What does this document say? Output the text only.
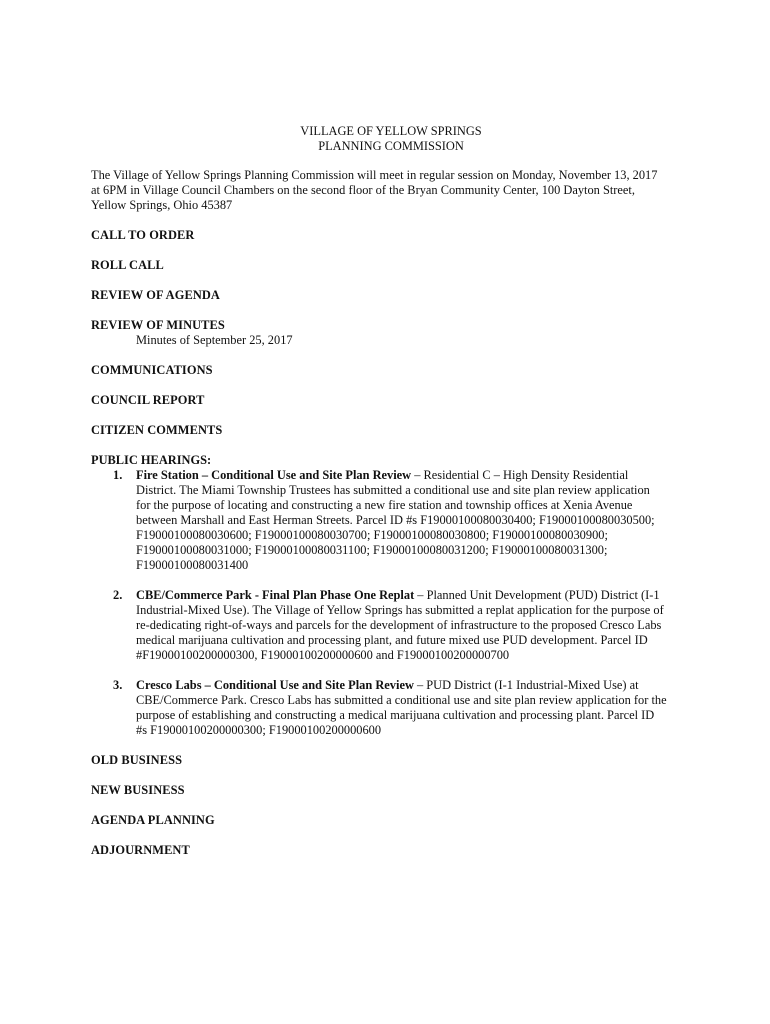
VILLAGE OF YELLOW SPRINGS
PLANNING COMMISSION
The Village of Yellow Springs Planning Commission will meet in regular session on Monday, November 13, 2017
at 6PM in Village Council Chambers on the second floor of the Bryan Community Center, 100 Dayton Street,
Yellow Springs, Ohio 45387
CALL TO ORDER
ROLL CALL
REVIEW OF AGENDA
REVIEW OF MINUTES
Minutes of September 25, 2017
COMMUNICATIONS
COUNCIL REPORT
CITIZEN COMMENTS
PUBLIC HEARINGS:
1.	Fire Station – Conditional Use and Site Plan Review – Residential C – High Density Residential

District. The Miami Township Trustees has submitted a conditional use and site plan review application

for the purpose of locating and constructing a new fire station and township offices at Xenia Avenue

between Marshall and East Herman Streets. Parcel ID #s F19000100080030400; F19000100080030500;

F19000100080030600; F19000100080030700; F19000100080030800; F19000100080030900;

F19000100080031000; F19000100080031100; F19000100080031200; F19000100080031300;

F19000100080031400

2.	CBE/Commerce Park - Final Plan Phase One Replat – Planned Unit Development (PUD) District (I-1

Industrial-Mixed Use). The Village of Yellow Springs has submitted a replat application for the purpose of

re-dedicating right-of-ways and parcels for the development of infrastructure to the proposed Cresco Labs

medical marijuana cultivation and processing plant, and future mixed use PUD development. Parcel ID

#F19000100200000300, F19000100200000600 and F19000100200000700

3.	Cresco Labs – Conditional Use and Site Plan Review – PUD District (I-1 Industrial-Mixed Use) at

CBE/Commerce Park. Cresco Labs has submitted a conditional use and site plan review application for the

purpose of establishing and constructing a medical marijuana cultivation and processing plant. Parcel ID

#s F19000100200000300; F19000100200000600

OLD BUSINESS
NEW BUSINESS
AGENDA PLANNING
ADJOURNMENT
